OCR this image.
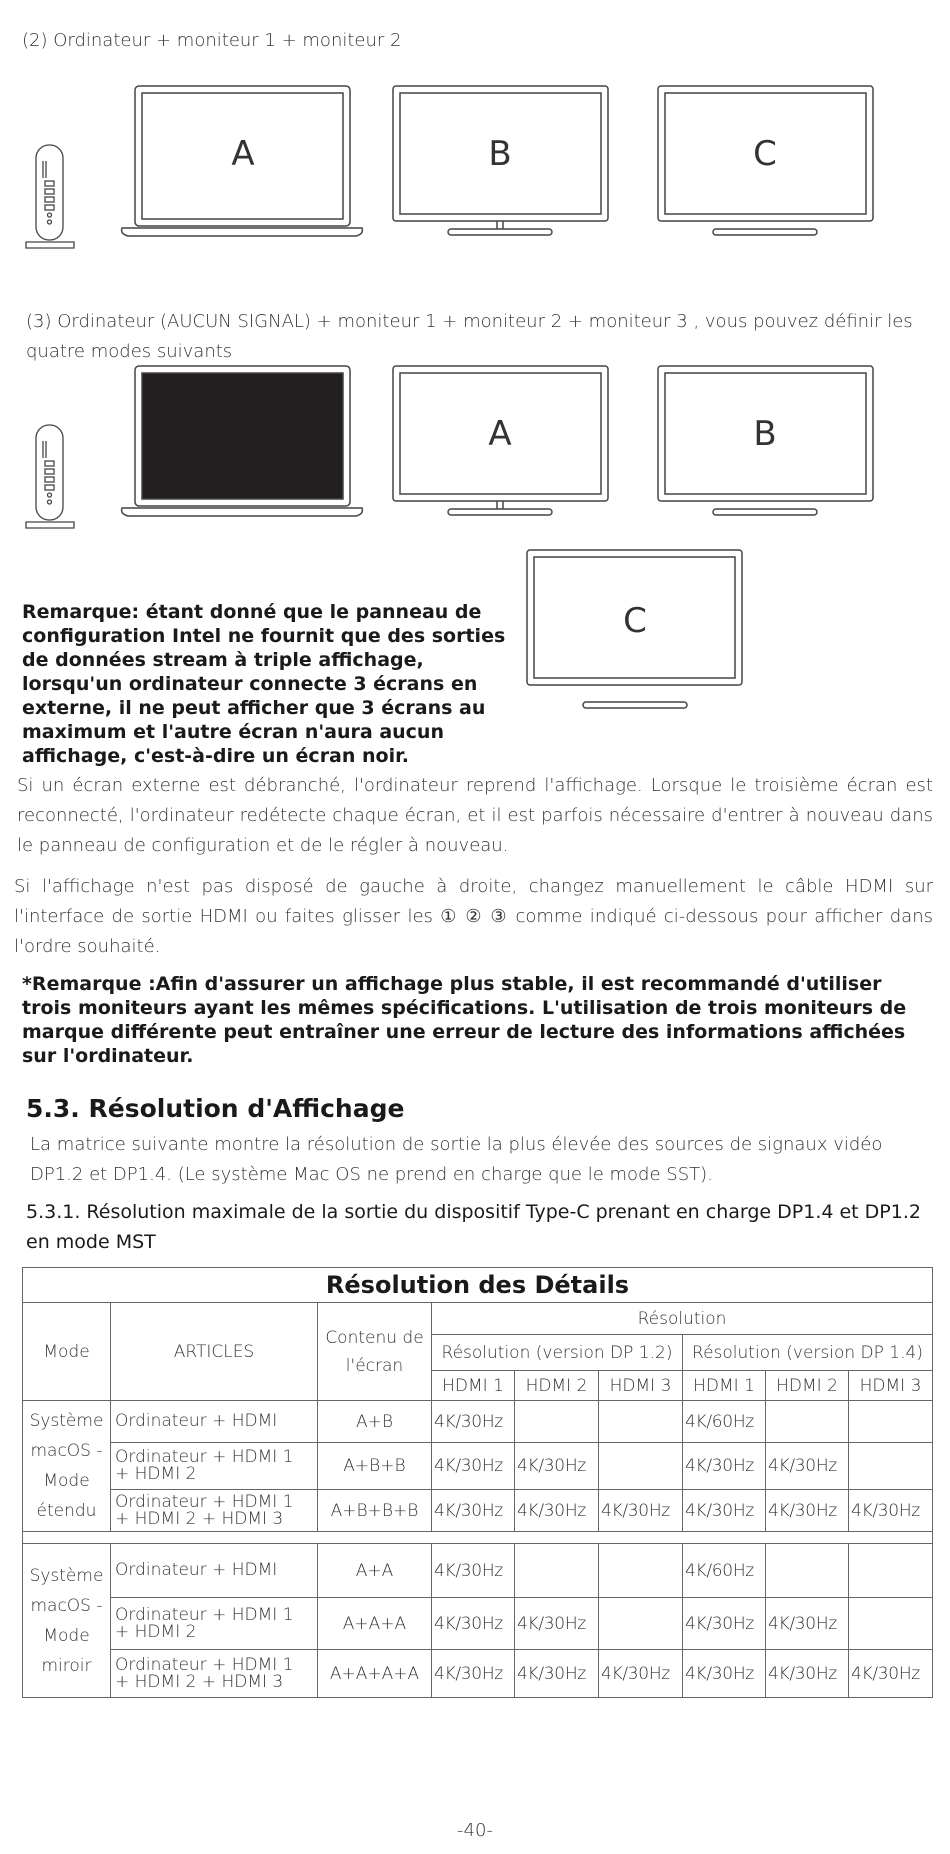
(2) Ordinateur + moniteur 1 + moniteur 2
A	B	C
(3) Ordinateur (AUCUN SIGNAL) + moniteur 1 + moniteur 2 + moniteur 3 , vous pouvez définir les quatre modes suivants
A	B
C
Remarque: étant donné que le panneau de configuration Intel ne fournit que des sorties de données stream à triple affichage, lorsqu'un ordinateur connecte 3 écrans en externe, il ne peut afficher que 3 écrans au maximum et l'autre écran n'aura aucun affichage, c'est-à-dire un écran noir.
Si un écran externe est débranché, l'ordinateur reprend l'affichage. Lorsque le troisième écran est reconnecté, l'ordinateur redétecte chaque écran, et il est parfois nécessaire d'entrer à nouveau dans le panneau de configuration et de le régler à nouveau.
Si l'affichage n'est pas disposé de gauche à droite, changez manuellement le câble HDMI sur l'interface de sortie HDMI ou faites glisser les ① ② ③ comme indiqué ci-dessous pour afficher dans l'ordre souhaité.
*Remarque :Afin d'assurer un affichage plus stable, il est recommandé d'utiliser trois moniteurs ayant les mêmes spécifications. L'utilisation de trois moniteurs de marque différente peut entraîner une erreur de lecture des informations affichées sur l'ordinateur.
5.3. Résolution d'Affichage
La matrice suivante montre la résolution de sortie la plus élevée des sources de signaux vidéo DP1.2 et DP1.4. (Le système Mac OS ne prend en charge que le mode SST).
5.3.1. Résolution maximale de la sortie du dispositif Type-C prenant en charge DP1.4 et DP1.2 en mode MST
Résolution des Détails								
Mode	ARTICLES	Contenu de l'écran	Résolution					
			Résolution (version DP 1.2)			Résolution (version DP 1.4)		
			HDMI 1	HDMI 2	HDMI 3	HDMI 1	HDMI 2	HDMI 3
Système macOS - Mode étendu	Ordinateur + HDMI	A+B	4K/30Hz			4K/60Hz		
	Ordinateur + HDMI 1 + HDMI 2	A+B+B	4K/30Hz	4K/30Hz		4K/30Hz	4K/30Hz	
	Ordinateur + HDMI 1 + HDMI 2 + HDMI 3	A+B+B+B	4K/30Hz	4K/30Hz	4K/30Hz	4K/30Hz	4K/30Hz	4K/30Hz

Système macOS - Mode miroir	Ordinateur + HDMI	A+A	4K/30Hz			4K/60Hz		
	Ordinateur + HDMI 1 + HDMI 2	A+A+A	4K/30Hz	4K/30Hz		4K/30Hz	4K/30Hz	
	Ordinateur + HDMI 1 + HDMI 2 + HDMI 3	A+A+A+A	4K/30Hz	4K/30Hz	4K/30Hz	4K/30Hz	4K/30Hz	4K/30Hz
-40-
